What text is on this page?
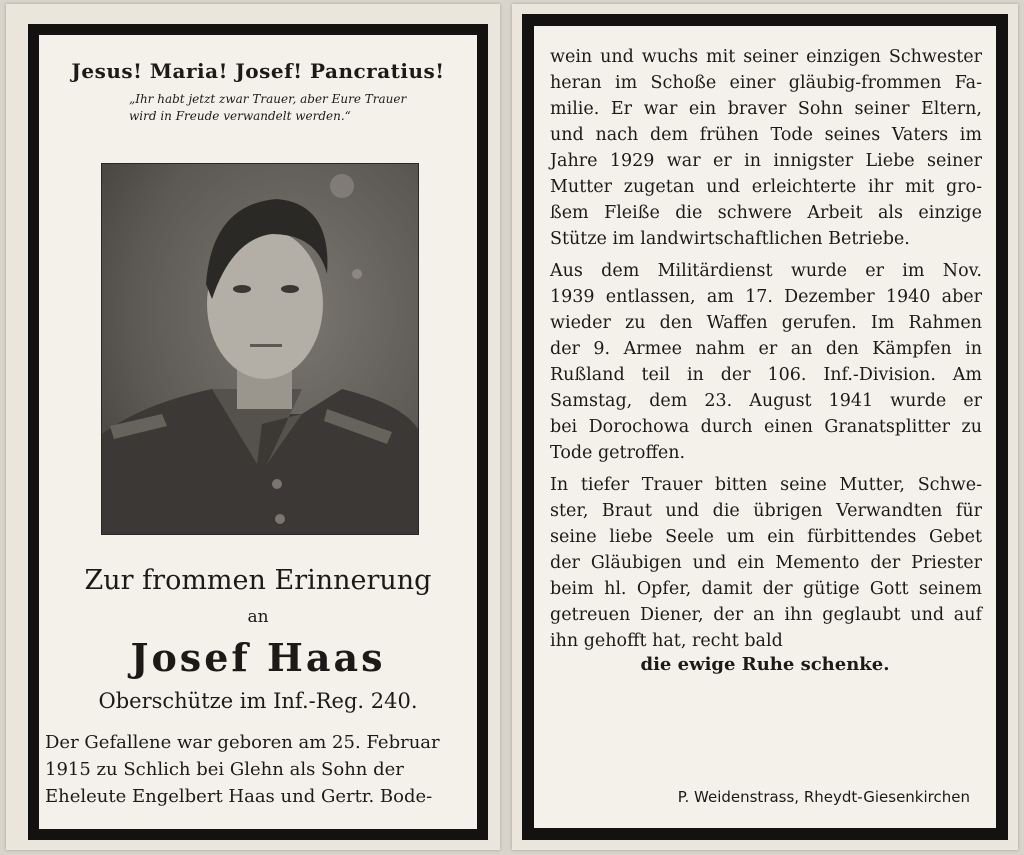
Jesus! Maria! Josef! Pancratius!
„Ihr habt jetzt zwar Trauer, aber Eure Trauer
wird in Freude verwandelt werden.“
Zur frommen Erinnerung
an
Josef Haas
Oberschütze im Inf.-Reg. 240.
Der Gefallene war geboren am 25. Februar
1915 zu Schlich bei Glehn als Sohn der
Eheleute Engelbert Haas und Gertr. Bode-
wein und wuchs mit seiner einzigen Schwester
heran im Schoße einer gläubig-frommen Fa-
milie. Er war ein braver Sohn seiner Eltern,
und nach dem frühen Tode seines Vaters im
Jahre 1929 war er in innigster Liebe seiner
Mutter zugetan und erleichterte ihr mit gro-
ßem Fleiße die schwere Arbeit als einzige
Stütze im landwirtschaftlichen Betriebe.
Aus dem Militärdienst wurde er im Nov.
1939 entlassen, am 17. Dezember 1940 aber
wieder zu den Waffen gerufen. Im Rahmen
der 9. Armee nahm er an den Kämpfen in
Rußland teil in der 106. Inf.-Division. Am
Samstag, dem 23. August 1941 wurde er
bei Dorochowa durch einen Granatsplitter zu
Tode getroffen.
In tiefer Trauer bitten seine Mutter, Schwe-
ster, Braut und die übrigen Verwandten für
seine liebe Seele um ein fürbittendes Gebet
der Gläubigen und ein Memento der Priester
beim hl. Opfer, damit der gütige Gott seinem
getreuen Diener, der an ihn geglaubt und auf
ihn gehofft hat, recht bald
die ewige Ruhe schenke.
P. Weidenstrass, Rheydt-Giesenkirchen
